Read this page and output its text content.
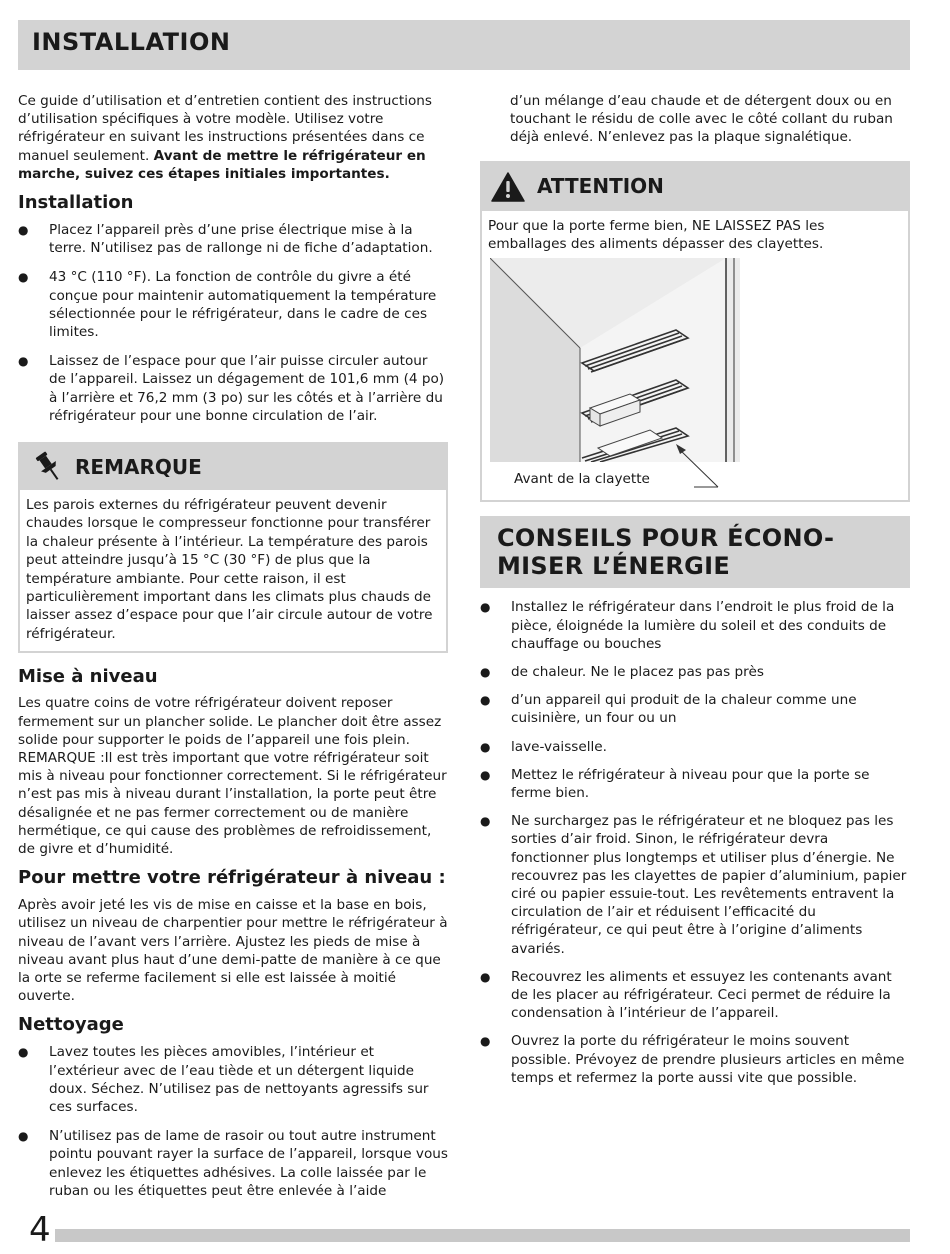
INSTALLATION

Ce guide d’utilisation et d’entretien contient des instructions d’utilisation spécifiques à votre modèle. Utilisez votre réfrigérateur en suivant les instructions présentées dans ce manuel seulement. Avant de mettre le réfrigérateur en marche, suivez ces étapes initiales importantes.

Installation
● Placez l’appareil près d’une prise électrique mise à la terre. N’utilisez pas de rallonge ni de fiche d’adaptation.
● 43 °C (110 °F). La fonction de contrôle du givre a été conçue pour maintenir automatiquement la température sélectionnée pour le réfrigérateur, dans le cadre de ces limites.
● Laissez de l’espace pour que l’air puisse circuler autour de l’appareil. Laissez un dégagement de 101,6 mm (4 po) à l’arrière et 76,2 mm (3 po) sur les côtés et à l’arrière du réfrigérateur pour une bonne circulation de l’air.
REMARQUE

Les parois externes du réfrigérateur peuvent devenir chaudes lorsque le compresseur fonctionne pour transférer la chaleur présente à l’intérieur. La température des parois peut atteindre jusqu’à 15 °C (30 °F) de plus que la température ambiante. Pour cette raison, il est particulièrement important dans les climats plus chauds de laisser assez d’espace pour que l’air circule autour de votre réfrigérateur.

Mise à niveau

Les quatre coins de votre réfrigérateur doivent reposer fermement sur un plancher solide. Le plancher doit être assez solide pour supporter le poids de l’appareil une fois plein. REMARQUE :Il est très important que votre réfrigérateur soit mis à niveau pour fonctionner correctement. Si le réfrigérateur n’est pas mis à niveau durant l’installation, la porte peut être désalignée et ne pas fermer correctement ou de manière hermétique, ce qui cause des problèmes de refroidissement, de givre et d’humidité.

Pour mettre votre réfrigérateur à niveau :

Après avoir jeté les vis de mise en caisse et la base en bois, utilisez un niveau de charpentier pour mettre le réfrigérateur à niveau de l’avant vers l’arrière. Ajustez les pieds de mise à niveau avant plus haut d’une demi-patte de manière à ce que la orte se referme facilement si elle est laissée à moitié ouverte.

Nettoyage
● Lavez toutes les pièces amovibles, l’intérieur et l’extérieur avec de l’eau tiède et un détergent liquide doux. Séchez. N’utilisez pas de nettoyants agressifs sur ces surfaces.
● N’utilisez pas de lame de rasoir ou tout autre instrument pointu pouvant rayer la surface de l’appareil, lorsque vous enlevez les étiquettes adhésives. La colle laissée par le ruban ou les étiquettes peut être enlevée à l’aide

d’un mélange d’eau chaude et de détergent doux ou en touchant le résidu de colle avec le côté collant du ruban déjà enlevé. N’enlevez pas la plaque signalétique.

ATTENTION

Pour que la porte ferme bien, NE LAISSEZ PAS les emballages des aliments dépasser des clayettes.

Avant de la clayette
CONSEILS POUR ÉCONO-
MISER L’ÉNERGIE
● Installez le réfrigérateur dans l’endroit le plus froid de la pièce, éloignéde la lumière du soleil et des conduits de chauffage ou bouches
● de chaleur. Ne le placez pas pas près
● d’un appareil qui produit de la chaleur comme une cuisinière, un four ou un
● lave-vaisselle.
● Mettez le réfrigérateur à niveau pour que la porte se ferme bien.
● Ne surchargez pas le réfrigérateur et ne bloquez pas les sorties d’air froid. Sinon, le réfrigérateur devra fonctionner plus longtemps et utiliser plus d’énergie. Ne recouvrez pas les clayettes de papier d’aluminium, papier ciré ou papier essuie-tout. Les revêtements entravent la circulation de l’air et réduisent l’efficacité du réfrigérateur, ce qui peut être à l’origine d’aliments avariés.
● Recouvrez les aliments et essuyez les contenants avant de les placer au réfrigérateur. Ceci permet de réduire la condensation à l’intérieur de l’appareil.
● Ouvrez la porte du réfrigérateur le moins souvent possible. Prévoyez de prendre plusieurs articles en même temps et refermez la porte aussi vite que possible.
4
